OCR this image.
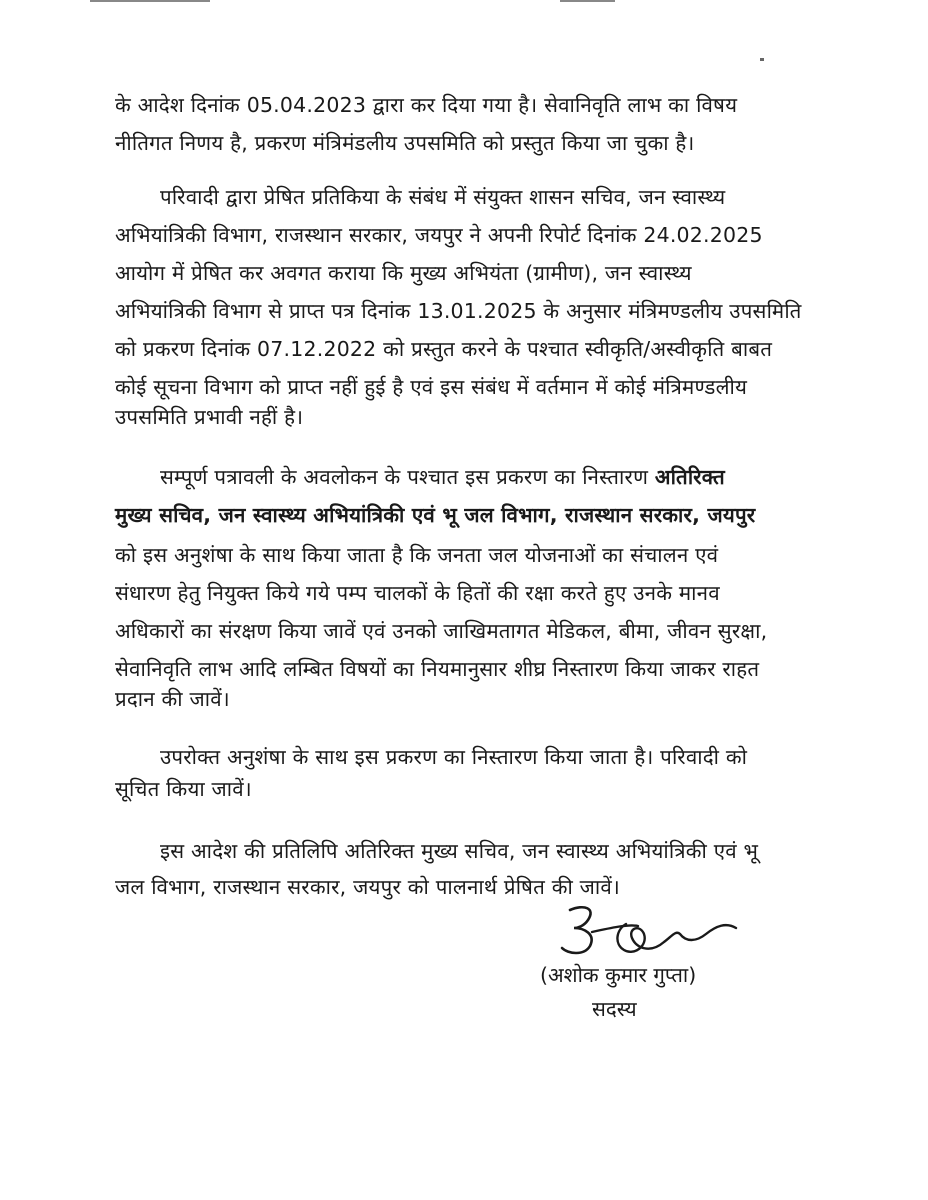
के आदेश दिनांक 05.04.2023 द्वारा कर दिया गया है। सेवानिवृति लाभ का विषय
नीतिगत निणय है, प्रकरण मंत्रिमंडलीय उपसमिति को प्रस्तुत किया जा चुका है।
परिवादी द्वारा प्रेषित प्रतिकिया के संबंध में संयुक्त शासन सचिव, जन स्वास्थ्य
अभियांत्रिकी विभाग, राजस्थान सरकार, जयपुर ने अपनी रिपोर्ट दिनांक 24.02.2025
आयोग में प्रेषित कर अवगत कराया कि मुख्य अभियंता (ग्रामीण), जन स्वास्थ्य
अभियांत्रिकी विभाग से प्राप्त पत्र दिनांक 13.01.2025 के अनुसार मंत्रिमण्डलीय उपसमिति
को प्रकरण दिनांक 07.12.2022 को प्रस्तुत करने के पश्चात स्वीकृति/अस्वीकृति बाबत
कोई सूचना विभाग को प्राप्त नहीं हुई है एवं इस संबंध में वर्तमान में कोई मंत्रिमण्डलीय
उपसमिति प्रभावी नहीं है।
सम्पूर्ण पत्रावली के अवलोकन के पश्चात इस प्रकरण का निस्तारण अतिरिक्त
मुख्य सचिव, जन स्वास्थ्य अभियांत्रिकी एवं भू जल विभाग, राजस्थान सरकार, जयपुर
को इस अनुशंषा के साथ किया जाता है कि जनता जल योजनाओं का संचालन एवं
संधारण हेतु नियुक्त किये गये पम्प चालकों के हितों की रक्षा करते हुए उनके मानव
अधिकारों का संरक्षण किया जावें एवं उनको जाखिमतागत मेडिकल, बीमा, जीवन सुरक्षा,
सेवानिवृति लाभ आदि लम्बित विषयों का नियमानुसार शीघ्र निस्तारण किया जाकर राहत
प्रदान की जावें।
उपरोक्त अनुशंषा के साथ इस प्रकरण का निस्तारण किया जाता है। परिवादी को
सूचित किया जावें।
इस आदेश की प्रतिलिपि अतिरिक्त मुख्य सचिव, जन स्वास्थ्य अभियांत्रिकी एवं भू
जल विभाग, राजस्थान सरकार, जयपुर को पालनार्थ प्रेषित की जावें।
(अशोक कुमार गुप्ता)
सदस्य
